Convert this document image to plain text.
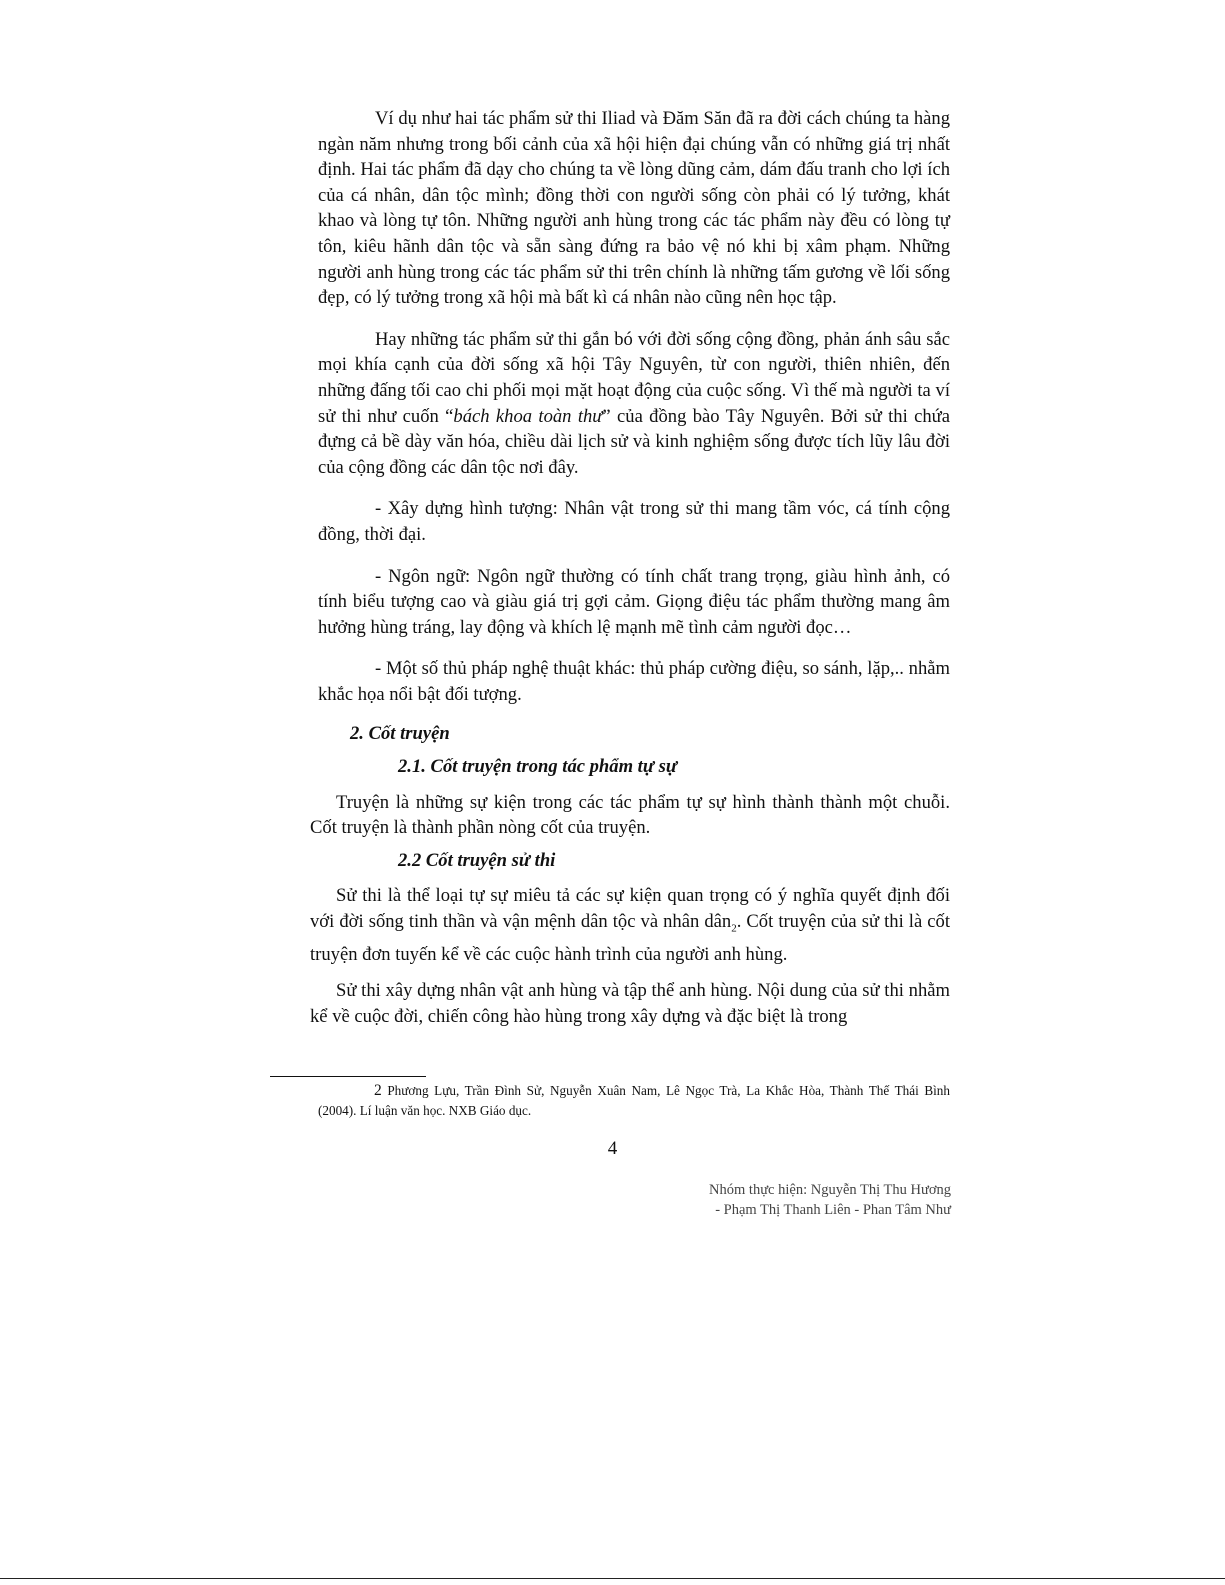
Ví dụ như hai tác phẩm sử thi Iliad và Đăm Săn đã ra đời cách chúng ta hàng ngàn năm nhưng trong bối cảnh của xã hội hiện đại chúng vẫn có những giá trị nhất định. Hai tác phẩm đã dạy cho chúng ta về lòng dũng cảm, dám đấu tranh cho lợi ích của cá nhân, dân tộc mình; đồng thời con người sống còn phải có lý tưởng, khát khao và lòng tự tôn. Những người anh hùng trong các tác phẩm này đều có lòng tự tôn, kiêu hãnh dân tộc và sẵn sàng đứng ra bảo vệ nó khi bị xâm phạm. Những người anh hùng trong các tác phẩm sử thi trên chính là những tấm gương về lối sống đẹp, có lý tưởng trong xã hội mà bất kì cá nhân nào cũng nên học tập.

Hay những tác phẩm sử thi gắn bó với đời sống cộng đồng, phản ánh sâu sắc mọi khía cạnh của đời sống xã hội Tây Nguyên, từ con người, thiên nhiên, đến những đấng tối cao chi phối mọi mặt hoạt động của cuộc sống. Vì thế mà người ta ví sử thi như cuốn “bách khoa toàn thư” của đồng bào Tây Nguyên. Bởi sử thi chứa đựng cả bề dày văn hóa, chiều dài lịch sử và kinh nghiệm sống được tích lũy lâu đời của cộng đồng các dân tộc nơi đây.

- Xây dựng hình tượng: Nhân vật trong sử thi mang tầm vóc, cá tính cộng đồng, thời đại.

- Ngôn ngữ: Ngôn ngữ thường có tính chất trang trọng, giàu hình ảnh, có tính biểu tượng cao và giàu giá trị gợi cảm. Giọng điệu tác phẩm thường mang âm hưởng hùng tráng, lay động và khích lệ mạnh mẽ tình cảm người đọc…

- Một số thủ pháp nghệ thuật khác: thủ pháp cường điệu, so sánh, lặp,.. nhằm khắc họa nổi bật đối tượng.

2. Cốt truyện
2.1. Cốt truyện trong tác phẩm tự sự

Truyện là những sự kiện trong các tác phẩm tự sự hình thành thành một chuỗi. Cốt truyện là thành phần nòng cốt của truyện.

2.2 Cốt truyện sử thi

Sử thi là thể loại tự sự miêu tả các sự kiện quan trọng có ý nghĩa quyết định đối với đời sống tinh thần và vận mệnh dân tộc và nhân dân$_2$. Cốt truyện của sử thi là cốt truyện đơn tuyến kể về các cuộc hành trình của người anh hùng.

Sử thi xây dựng nhân vật anh hùng và tập thể anh hùng. Nội dung của sử thi nhằm kể về cuộc đời, chiến công hào hùng trong xây dựng và đặc biệt là trong

2 Phương Lựu, Trần Đình Sử, Nguyễn Xuân Nam, Lê Ngọc Trà, La Khắc Hòa, Thành Thế Thái Bình (2004). Lí luận văn học. NXB Giáo dục.
4
Nhóm thực hiện: Nguyễn Thị Thu Hương
- Phạm Thị Thanh Liên - Phan Tâm Như
